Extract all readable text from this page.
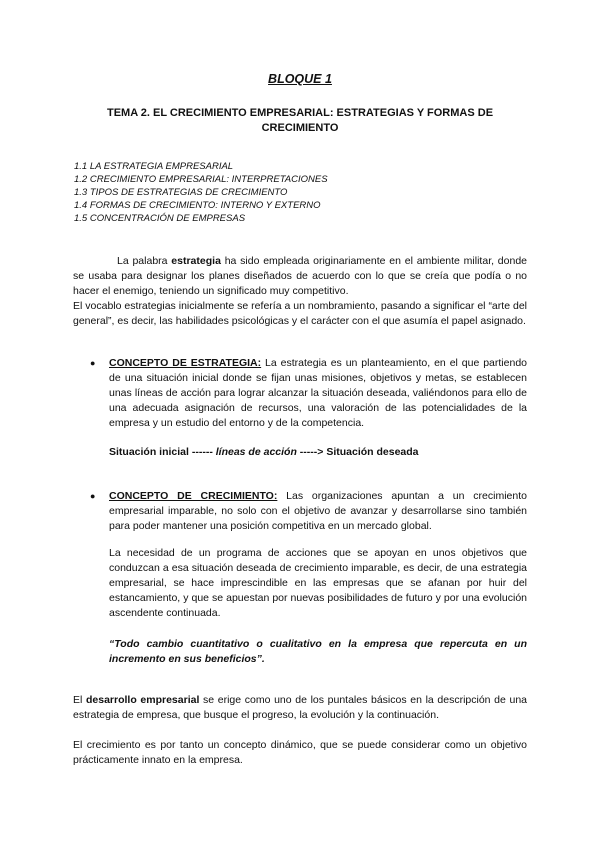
BLOQUE 1
TEMA 2. EL CRECIMIENTO EMPRESARIAL: ESTRATEGIAS Y FORMAS DE CRECIMIENTO
1.1 LA ESTRATEGIA EMPRESARIAL
1.2 CRECIMIENTO EMPRESARIAL: INTERPRETACIONES
1.3 TIPOS DE ESTRATEGIAS DE CRECIMIENTO
1.4 FORMAS DE CRECIMIENTO: INTERNO Y EXTERNO
1.5 CONCENTRACIÓN DE EMPRESAS

La palabra estrategia ha sido empleada originariamente en el ambiente militar, donde se usaba para designar los planes diseñados de acuerdo con lo que se creía que podía o no hacer el enemigo, teniendo un significado muy competitivo.

El vocablo estrategias inicialmente se refería a un nombramiento, pasando a significar el “arte del general”, es decir, las habilidades psicológicas y el carácter con el que asumía el papel asignado.

● CONCEPTO DE ESTRATEGIA: La estrategia es un planteamiento, en el que partiendo de una situación inicial donde se fijan unas misiones, objetivos y metas, se establecen unas líneas de acción para lograr alcanzar la situación deseada, valiéndonos para ello de una adecuada asignación de recursos, una valoración de las potencialidades de la empresa y un estudio del entorno y de la competencia.

Situación inicial ------ líneas de acción -----> Situación deseada

● CONCEPTO DE CRECIMIENTO: Las organizaciones apuntan a un crecimiento empresarial imparable, no solo con el objetivo de avanzar y desarrollarse sino también para poder mantener una posición competitiva en un mercado global.

La necesidad de un programa de acciones que se apoyan en unos objetivos que conduzcan a esa situación deseada de crecimiento imparable, es decir, de una estrategia empresarial, se hace imprescindible en las empresas que se afanan por huir del estancamiento, y que se apuestan por nuevas posibilidades de futuro y por una evolución ascendente continuada.

“Todo cambio cuantitativo o cualitativo en la empresa que repercuta en un incremento en sus beneficios”.

El desarrollo empresarial se erige como uno de los puntales básicos en la descripción de una estrategia de empresa, que busque el progreso, la evolución y la continuación.

El crecimiento es por tanto un concepto dinámico, que se puede considerar como un objetivo prácticamente innato en la empresa.
